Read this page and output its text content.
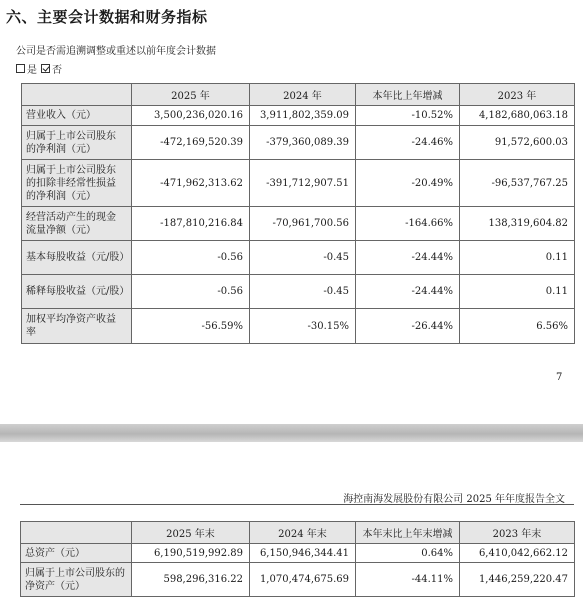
六、主要会计数据和财务指标
公司是否需追溯调整或重述以前年度会计数据
是 否
	2025 年	2024 年	本年比上年增减	2023 年
营业收入（元）	3,500,236,020.16	3,911,802,359.09	-10.52%	4,182,680,063.18
归属于上市公司股东的净利润（元）	-472,169,520.39	-379,360,089.39	-24.46%	91,572,600.03
归属于上市公司股东的扣除非经常性损益的净利润（元）	-471,962,313.62	-391,712,907.51	-20.49%	-96,537,767.25
经营活动产生的现金流量净额（元）	-187,810,216.84	-70,961,700.56	-164.66%	138,319,604.82
基本每股收益（元/股）	-0.56	-0.45	-24.44%	0.11
稀释每股收益（元/股）	-0.56	-0.45	-24.44%	0.11
加权平均净资产收益率	-56.59%	-30.15%	-26.44%	6.56%
7
海控南海发展股份有限公司 2025 年年度报告全文
	2025 年末	2024 年末	本年末比上年末增减	2023 年末
总资产（元）	6,190,519,992.89	6,150,946,344.41	0.64%	6,410,042,662.12
归属于上市公司股东的净资产（元）	598,296,316.22	1,070,474,675.69	-44.11%	1,446,259,220.47
